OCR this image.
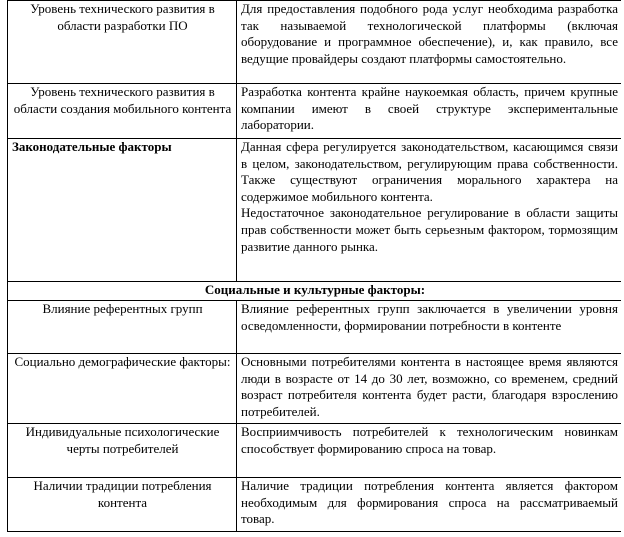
Уровень технического развития в области разработки ПО	Для предоставления подобного рода услуг необходима разработка так называемой технологической платформы (включая оборудование и программное обеспечение), и, как правило, все ведущие провайдеры создают платформы самостоятельно.

Уровень технического развития в области создания мобильного контента	Разработка контента крайне наукоемкая область, причем крупные компании имеют в своей структуре экспериментальные лаборатории.

Законодательные факторы	Данная сфера регулируется законодательством, касающимся связи в целом, законодательством, регулирующим права собственности. Также существуют ограничения морального характера на содержимое мобильного контента.
Недостаточное законодательное регулирование в области защиты прав собственности может быть серьезным фактором, тормозящим развитие данного рынка.

Социальные и культурные факторы:	
Влияние референтных групп	Влияние референтных групп заключается в увеличении уровня осведомленности, формировании потребности в контенте

Социально демографические факторы:	Основными потребителями контента в настоящее время являются люди в возрасте от 14 до 30 лет, возможно, со временем, средний возраст потребителя контента будет расти, благодаря взрослению потребителей.

Индивидуальные психологические черты потребителей	Восприимчивость потребителей к технологическим новинкам способствует формированию спроса на товар.

Наличии традиции потребления контента	Наличие традиции потребления контента является фактором необходимым для формирования спроса на рассматриваемый товар.
